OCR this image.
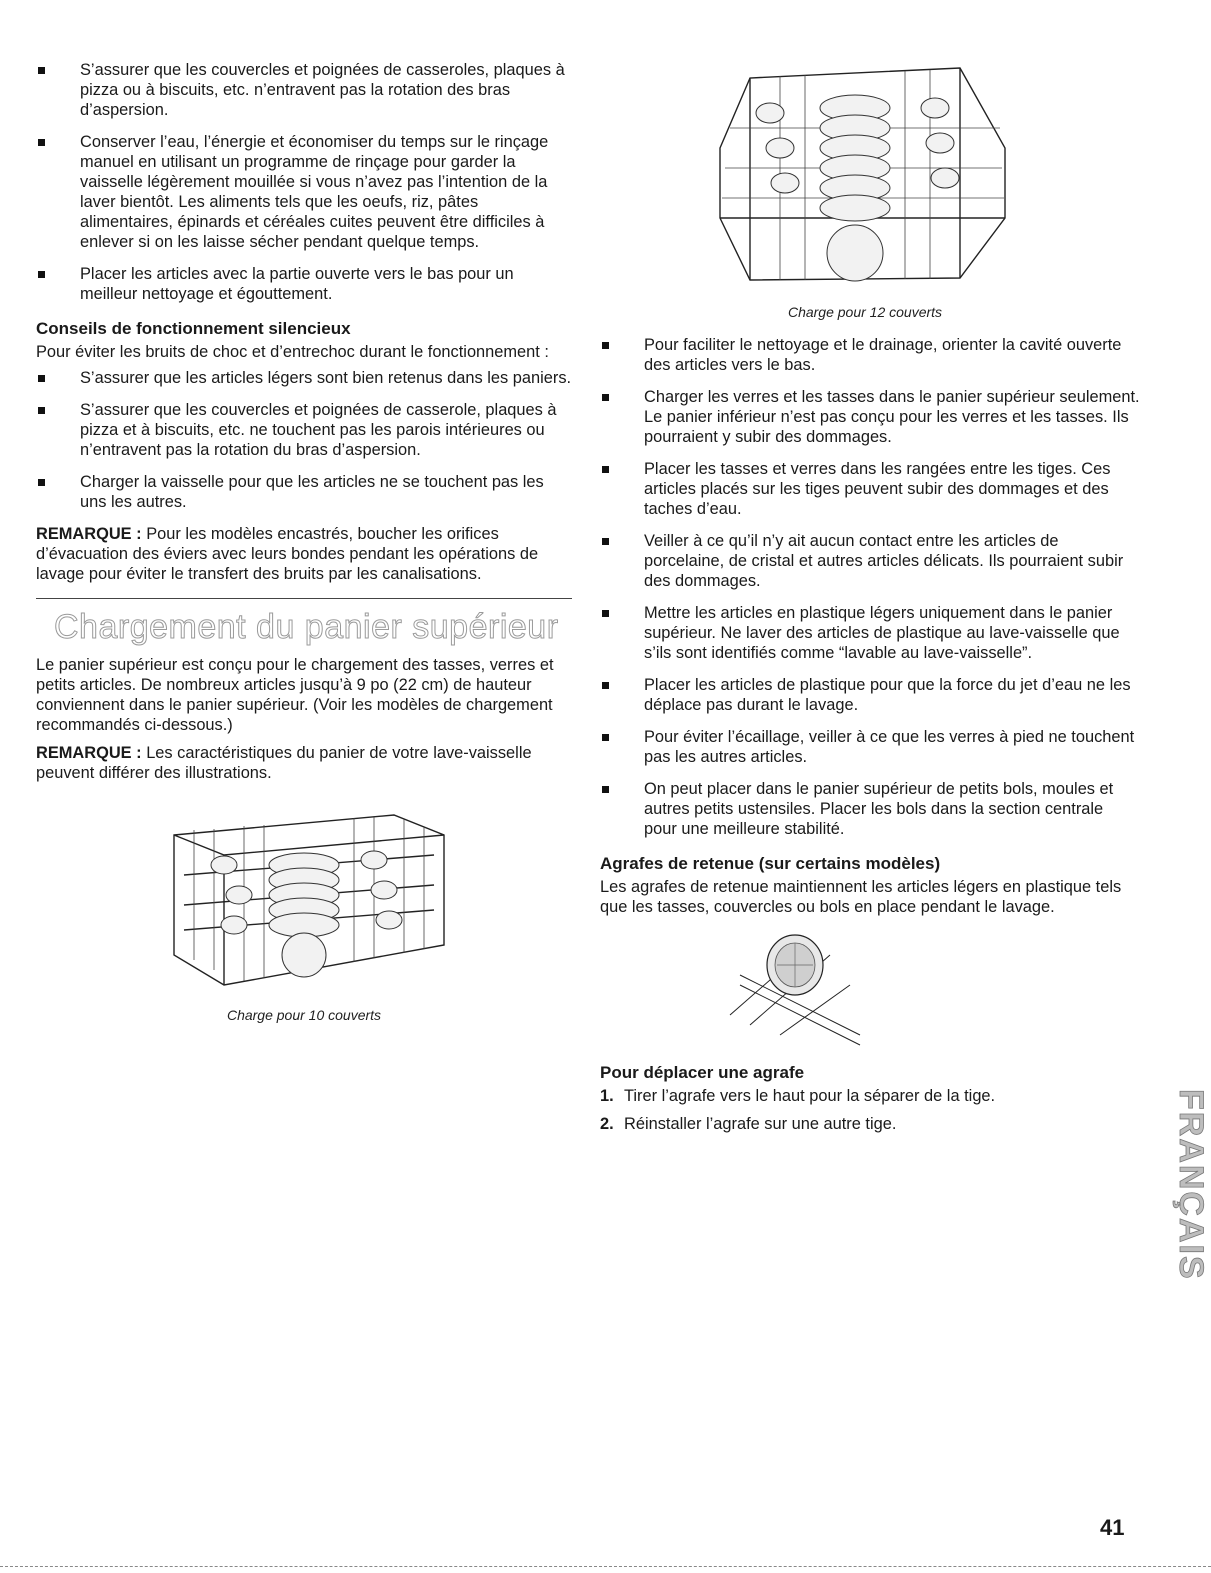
S’assurer que les couvercles et poignées de casseroles, plaques à pizza ou à biscuits, etc. n’entravent pas la rotation des bras d’aspersion.
Conserver l’eau, l’énergie et économiser du temps sur le rinçage manuel en utilisant un programme de rinçage pour garder la vaisselle légèrement mouillée si vous n’avez pas l’intention de la laver bientôt. Les aliments tels que les oeufs, riz, pâtes alimentaires, épinards et céréales cuites peuvent être difficiles à enlever si on les laisse sécher pendant quelque temps.
Placer les articles avec la partie ouverte vers le bas pour un meilleur nettoyage et égouttement.
Conseils de fonctionnement silencieux

Pour éviter les bruits de choc et d’entrechoc durant le fonctionnement :

S’assurer que les articles légers sont bien retenus dans les paniers.
S’assurer que les couvercles et poignées de casserole, plaques à pizza et à biscuits, etc. ne touchent pas les parois intérieures ou n’entravent pas la rotation du bras d’aspersion.
Charger la vaisselle pour que les articles ne se touchent pas les uns les autres.

REMARQUE : Pour les modèles encastrés, boucher les orifices d’évacuation des éviers avec leurs bondes pendant les opérations de lavage pour éviter le transfert des bruits par les canalisations.

Chargement du panier supérieur

Le panier supérieur est conçu pour le chargement des tasses, verres et petits articles. De nombreux articles jusqu’à 9 po (22 cm) de hauteur conviennent dans le panier supérieur. (Voir les modèles de chargement recommandés ci-dessous.)

REMARQUE : Les caractéristiques du panier de votre lave-vaisselle peuvent différer des illustrations.

Charge pour 10 couverts
Charge pour 12 couverts
Pour faciliter le nettoyage et le drainage, orienter la cavité ouverte des articles vers le bas.
Charger les verres et les tasses dans le panier supérieur seulement. Le panier inférieur n’est pas conçu pour les verres et les tasses. Ils pourraient y subir des dommages.
Placer les tasses et verres dans les rangées entre les tiges. Ces articles placés sur les tiges peuvent subir des dommages et des taches d’eau.
Veiller à ce qu’il n’y ait aucun contact entre les articles de porcelaine, de cristal et autres articles délicats. Ils pourraient subir des dommages.
Mettre les articles en plastique légers uniquement dans le panier supérieur. Ne laver des articles de plastique au lave-vaisselle que s’ils sont identifiés comme “lavable au lave-vaisselle”.
Placer les articles de plastique pour que la force du jet d’eau ne les déplace pas durant le lavage.
Pour éviter l’écaillage, veiller à ce que les verres à pied ne touchent pas les autres articles.
On peut placer dans le panier supérieur de petits bols, moules et autres petits ustensiles. Placer les bols dans la section centrale pour une meilleure stabilité.
Agrafes de retenue (sur certains modèles)

Les agrafes de retenue maintiennent les articles légers en plastique tels que les tasses, couvercles ou bols en place pendant le lavage.

Pour déplacer une agrafe
1. Tirer l’agrafe vers le haut pour la séparer de la tige.
2. Réinstaller l’agrafe sur une autre tige.	FRANÇAIS
41
